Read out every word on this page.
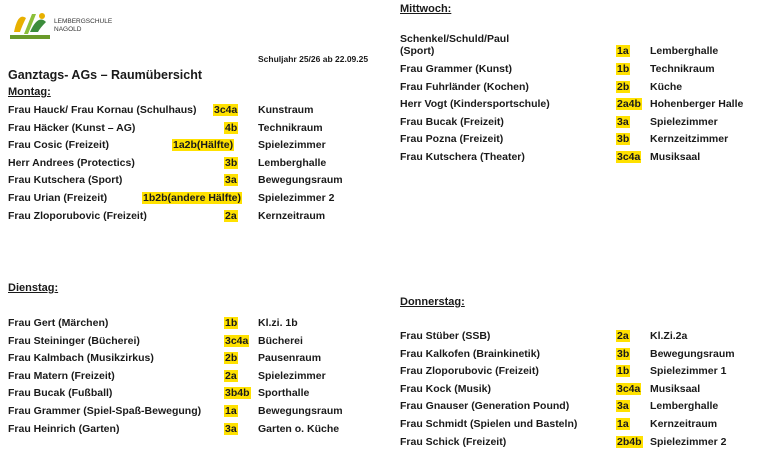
LEMBERGSCHULE
NAGOLD
Schuljahr 25/26 ab 22.09.25
Ganztags- AGs – Raumübersicht
Montag:
Frau Hauck/ Frau Kornau (Schulhaus) 3c4a Kunstraum
Frau Häcker (Kunst – AG)	4b Technikraum
Frau Cosic (Freizeit)	1a2b(Hälfte) Spielezimmer
Herr Andrees (Protectics)	3b Lemberghalle
Frau Kutschera (Sport)	3a Bewegungsraum
Frau Urian (Freizeit)	1b2b(andere Hälfte) Spielezimmer 2
Frau Zloporubovic (Freizeit)	2a Kernzeitraum
Dienstag:
Frau Gert (Märchen)	1b Kl.zi. 1b
Frau Steininger (Bücherei)	3c4a Bücherei
Frau Kalmbach (Musikzirkus)	2b Pausenraum
Frau Matern (Freizeit)	2a Spielezimmer
Frau Bucak (Fußball)	3b4b Sporthalle
Frau Grammer (Spiel-Spaß-Bewegung) 1a Bewegungsraum
Frau Heinrich (Garten)	3a Garten o. Küche
Mittwoch:
Schenkel/Schuld/Paul
(Sport)	1a Lemberghalle
Frau Grammer (Kunst)	1b Technikraum
Frau Fuhrländer (Kochen)	2b Küche
Herr Vogt (Kindersportschule)	2a4b Hohenberger Halle
Frau Bucak (Freizeit)	3a Spielezimmer
Frau Pozna (Freizeit)	3b Kernzeitzimmer
Frau Kutschera (Theater)	3c4a Musiksaal
Donnerstag:
Frau Stüber (SSB)	2a Kl.Zi.2a
Frau Kalkofen (Brainkinetik)	3b Bewegungsraum
Frau Zloporubovic (Freizeit)	1b Spielezimmer 1
Frau Kock (Musik)	3c4a Musiksaal
Frau Gnauser (Generation Pound)	3a Lemberghalle
Frau Schmidt (Spielen und Basteln)	1a Kernzeitraum
Frau Schick (Freizeit)	2b4b Spielezimmer 2
